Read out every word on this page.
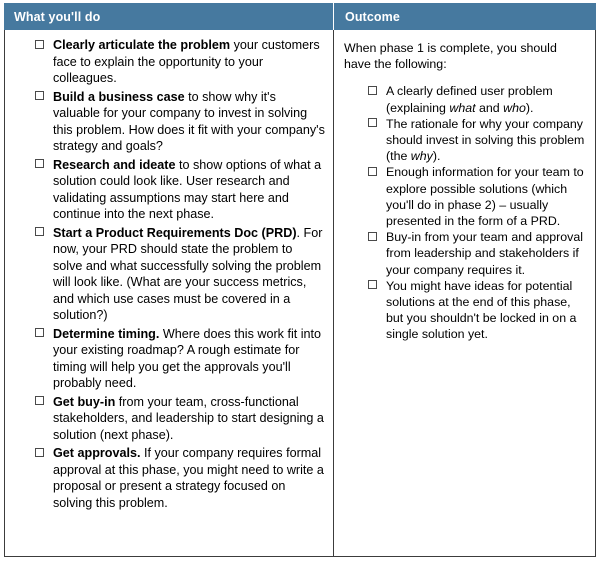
What you'll do	Outcome
Clearly articulate the problem your customers face to explain the opportunity to your colleagues.
Build a business case to show why it's valuable for your company to invest in solving this problem. How does it fit with your company's strategy and goals?
Research and ideate to show options of what a solution could look like. User research and validating assumptions may start here and continue into the next phase.
Start a Product Requirements Doc (PRD). For now, your PRD should state the problem to solve and what successfully solving the problem will look like. (What are your success metrics, and which use cases must be covered in a solution?)
Determine timing. Where does this work fit into your existing roadmap? A rough estimate for timing will help you get the approvals you'll probably need.
Get buy-in from your team, cross-functional stakeholders, and leadership to start designing a solution (next phase).
Get approvals. If your company requires formal approval at this phase, you might need to write a proposal or present a strategy focused on solving this problem.

When phase 1 is complete, you should have the following:

A clearly defined user problem (explaining what and who).
The rationale for why your company should invest in solving this problem (the why).
Enough information for your team to explore possible solutions (which you'll do in phase 2) – usually presented in the form of a PRD.
Buy-in from your team and approval from leadership and stakeholders if your company requires it.
You might have ideas for potential solutions at the end of this phase, but you shouldn't be locked in on a single solution yet.
